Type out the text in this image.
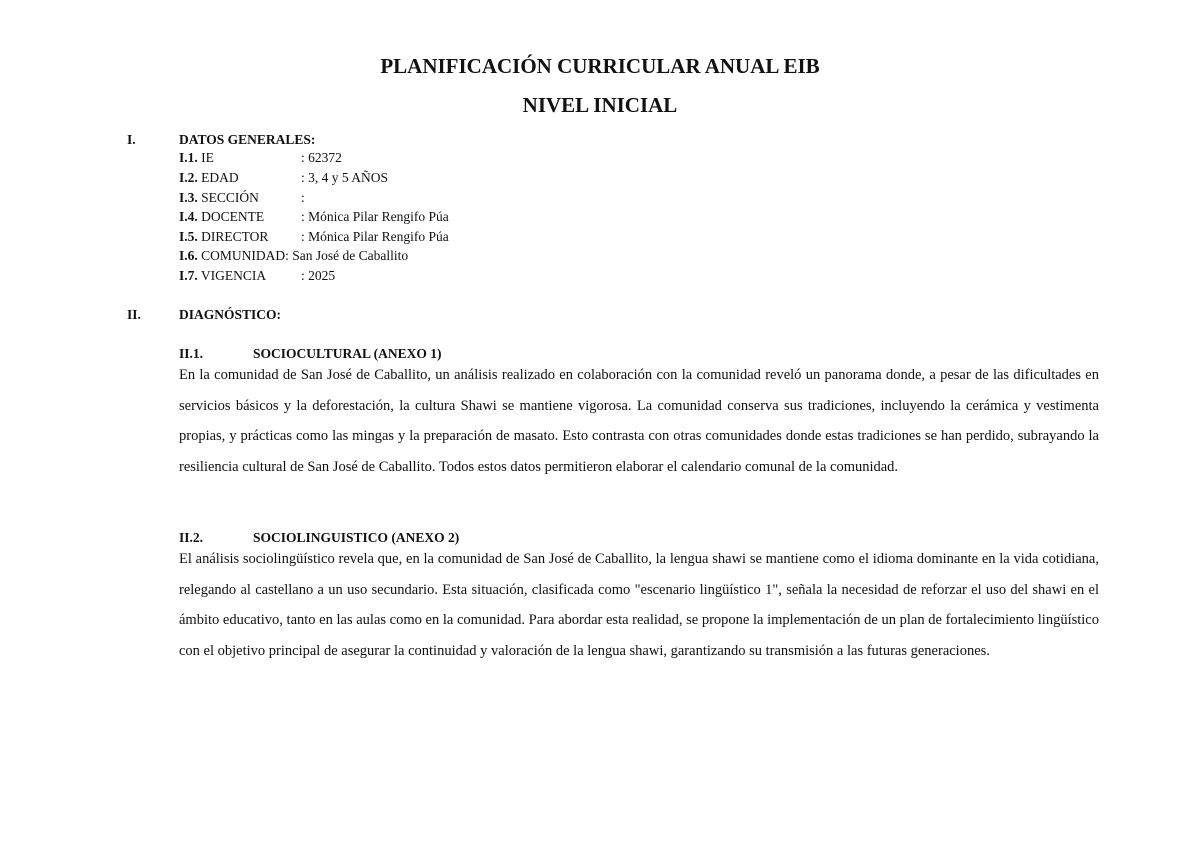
PLANIFICACIÓN CURRICULAR ANUAL EIB
NIVEL INICIAL
I.	DATOS GENERALES:
I.1. IE	: 62372
I.2. EDAD	: 3, 4 y 5 AÑOS
I.3. SECCIÓN	:
I.4. DOCENTE	: Mónica Pilar Rengifo Púa
I.5. DIRECTOR : Mónica Pilar Rengifo Púa
I.6. COMUNIDAD: San José de Caballito
I.7. VIGENCIA	: 2025
II.	DIAGNÓSTICO:
II.1.	SOCIOCULTURAL (ANEXO 1)

En la comunidad de San José de Caballito, un análisis realizado en colaboración con la comunidad reveló un panorama donde, a pesar de las dificultades en servicios básicos y la deforestación, la cultura Shawi se mantiene vigorosa. La comunidad conserva sus tradiciones, incluyendo la cerámica y vestimenta propias, y prácticas como las mingas y la preparación de masato. Esto contrasta con otras comunidades donde estas tradiciones se han perdido, subrayando la resiliencia cultural de San José de Caballito. Todos estos datos permitieron elaborar el calendario comunal de la comunidad.

II.2.	SOCIOLINGUISTICO (ANEXO 2)

El análisis sociolingüístico revela que, en la comunidad de San José de Caballito, la lengua shawi se mantiene como el idioma dominante en la vida cotidiana, relegando al castellano a un uso secundario. Esta situación, clasificada como "escenario lingüístico 1", señala la necesidad de reforzar el uso del shawi en el ámbito educativo, tanto en las aulas como en la comunidad. Para abordar esta realidad, se propone la implementación de un plan de fortalecimiento lingüístico con el objetivo principal de asegurar la continuidad y valoración de la lengua shawi, garantizando su transmisión a las futuras generaciones.
